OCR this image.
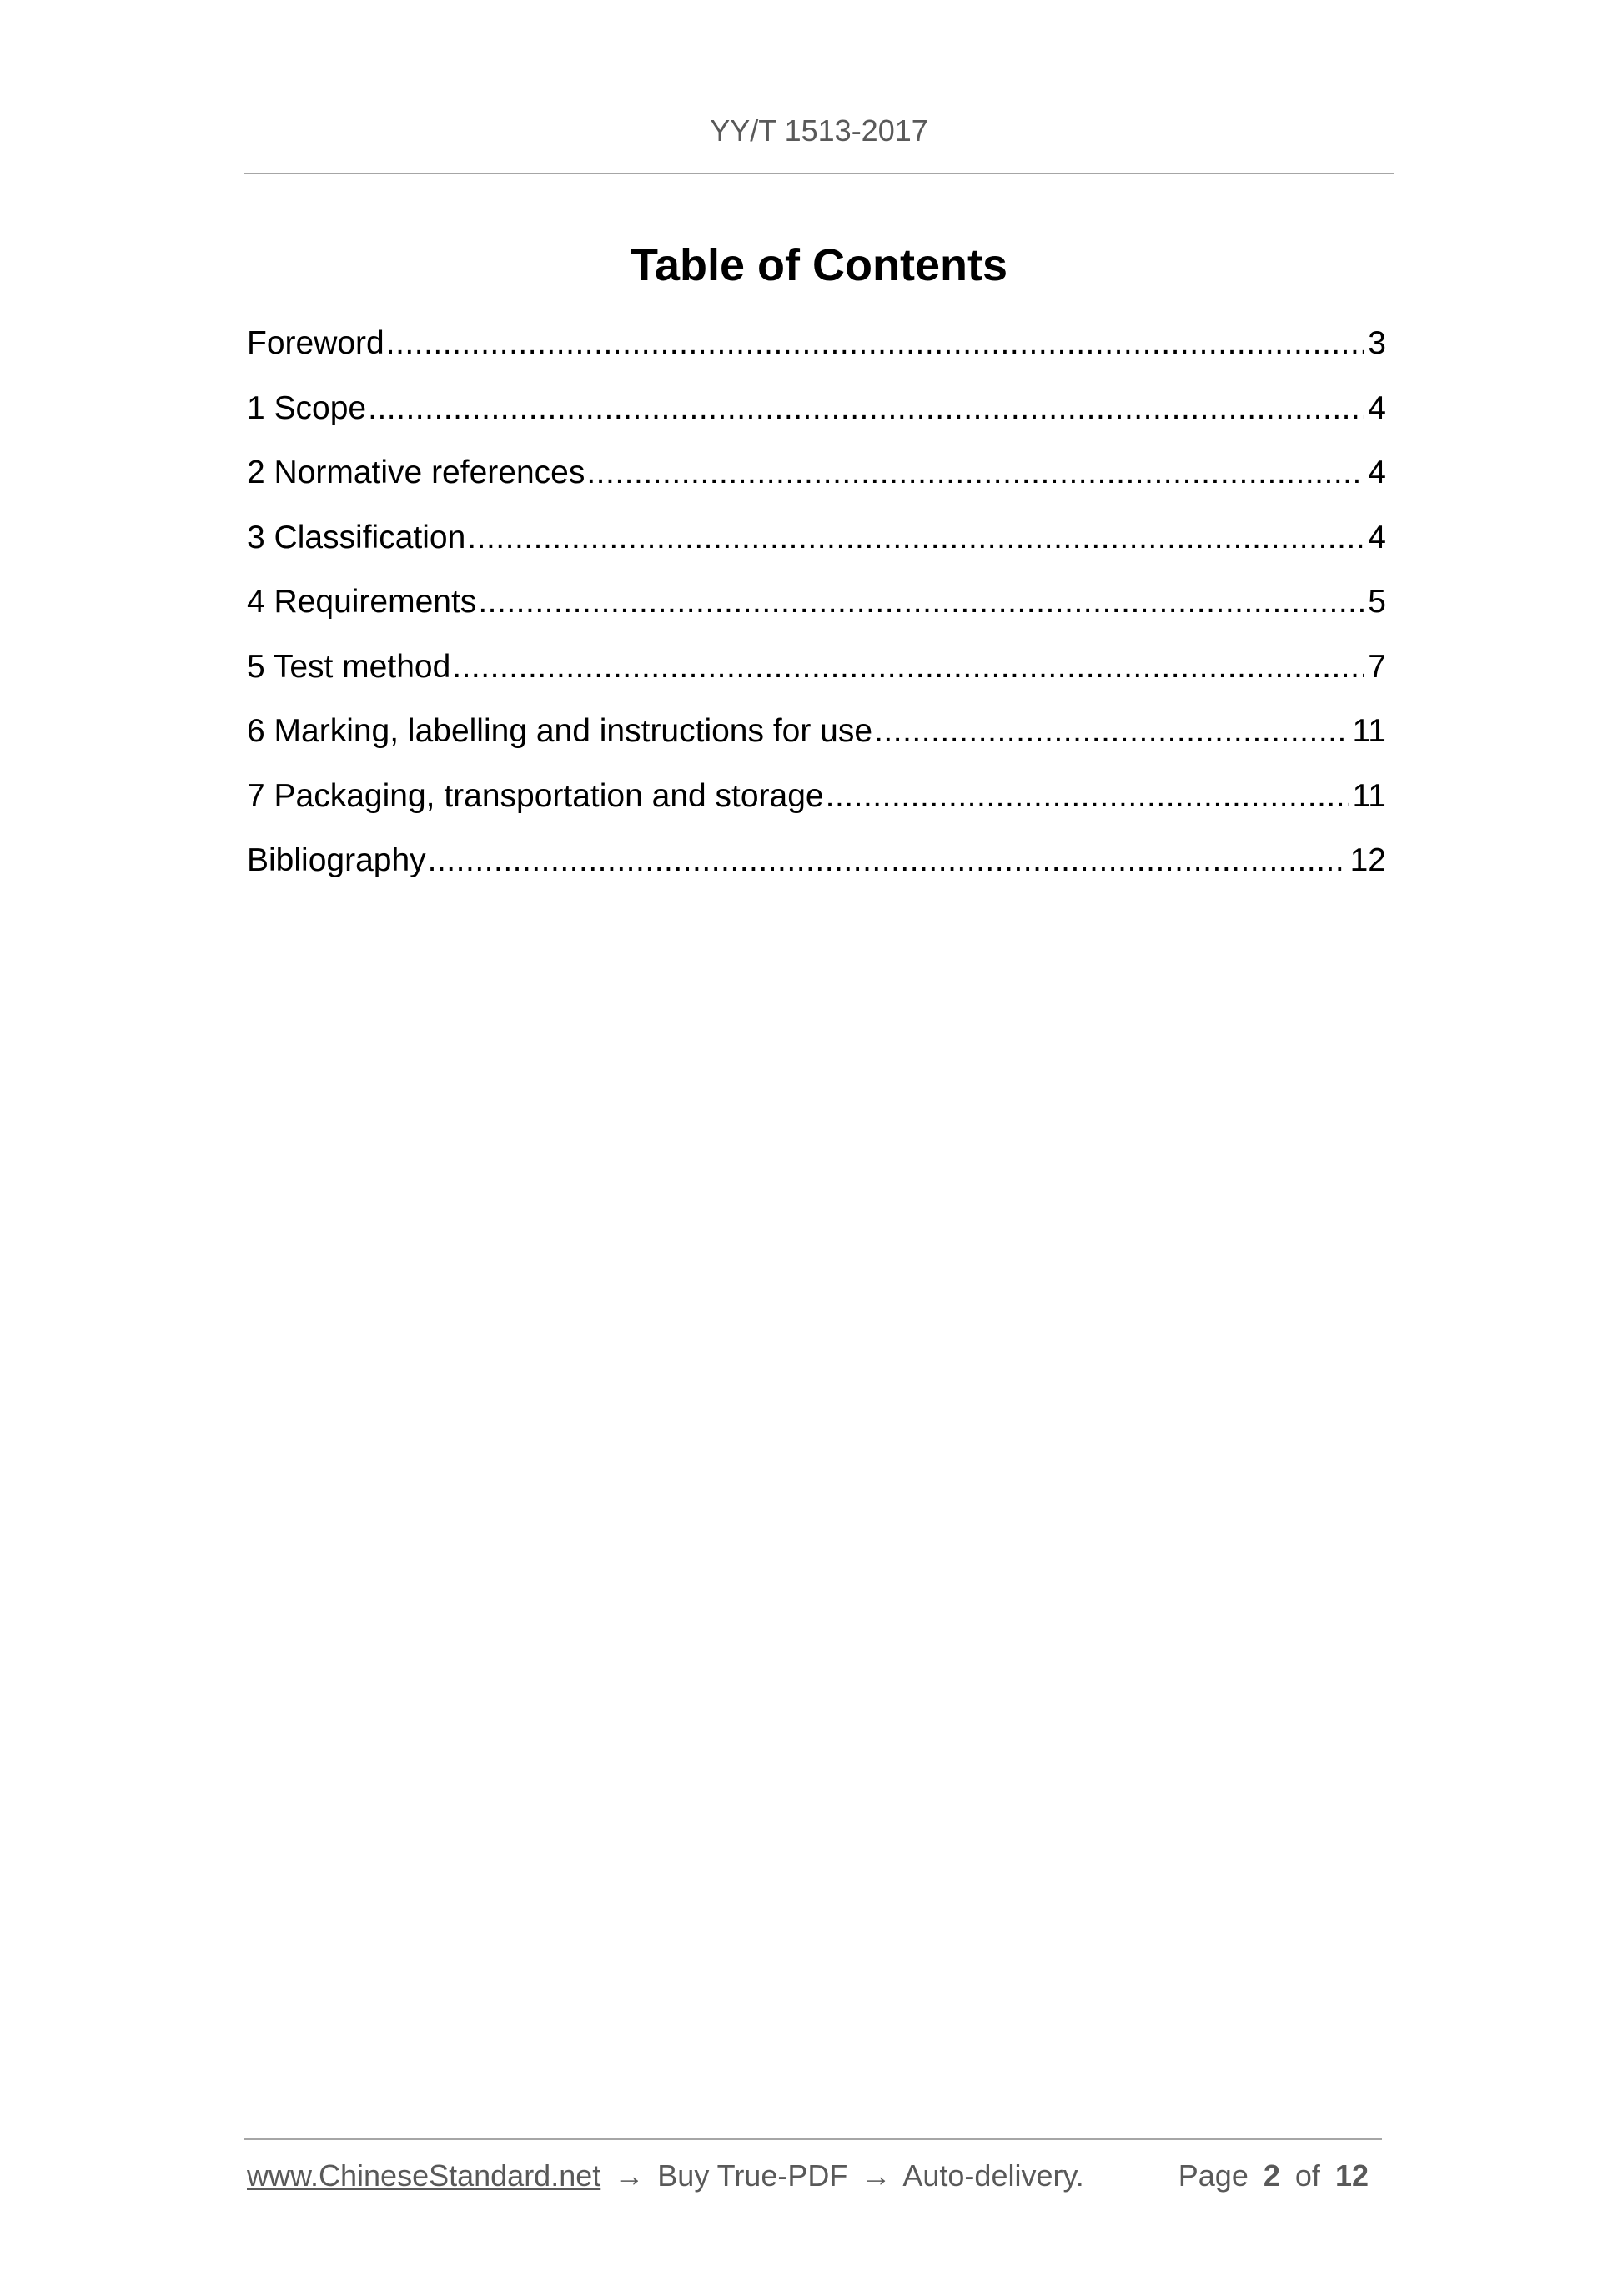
YY/T 1513-2017
Table of Contents
Foreword .....	3
1 Scope .....	4
2 Normative references .....	4
3 Classification .....	4
4 Requirements .....	5
5 Test method .....	7
6 Marking, labelling and instructions for use .....	11
7 Packaging, transportation and storage .....	11
Bibliography .....	12
www.ChineseStandard.net → Buy True-PDF → Auto-delivery.	Page 2 of 12
